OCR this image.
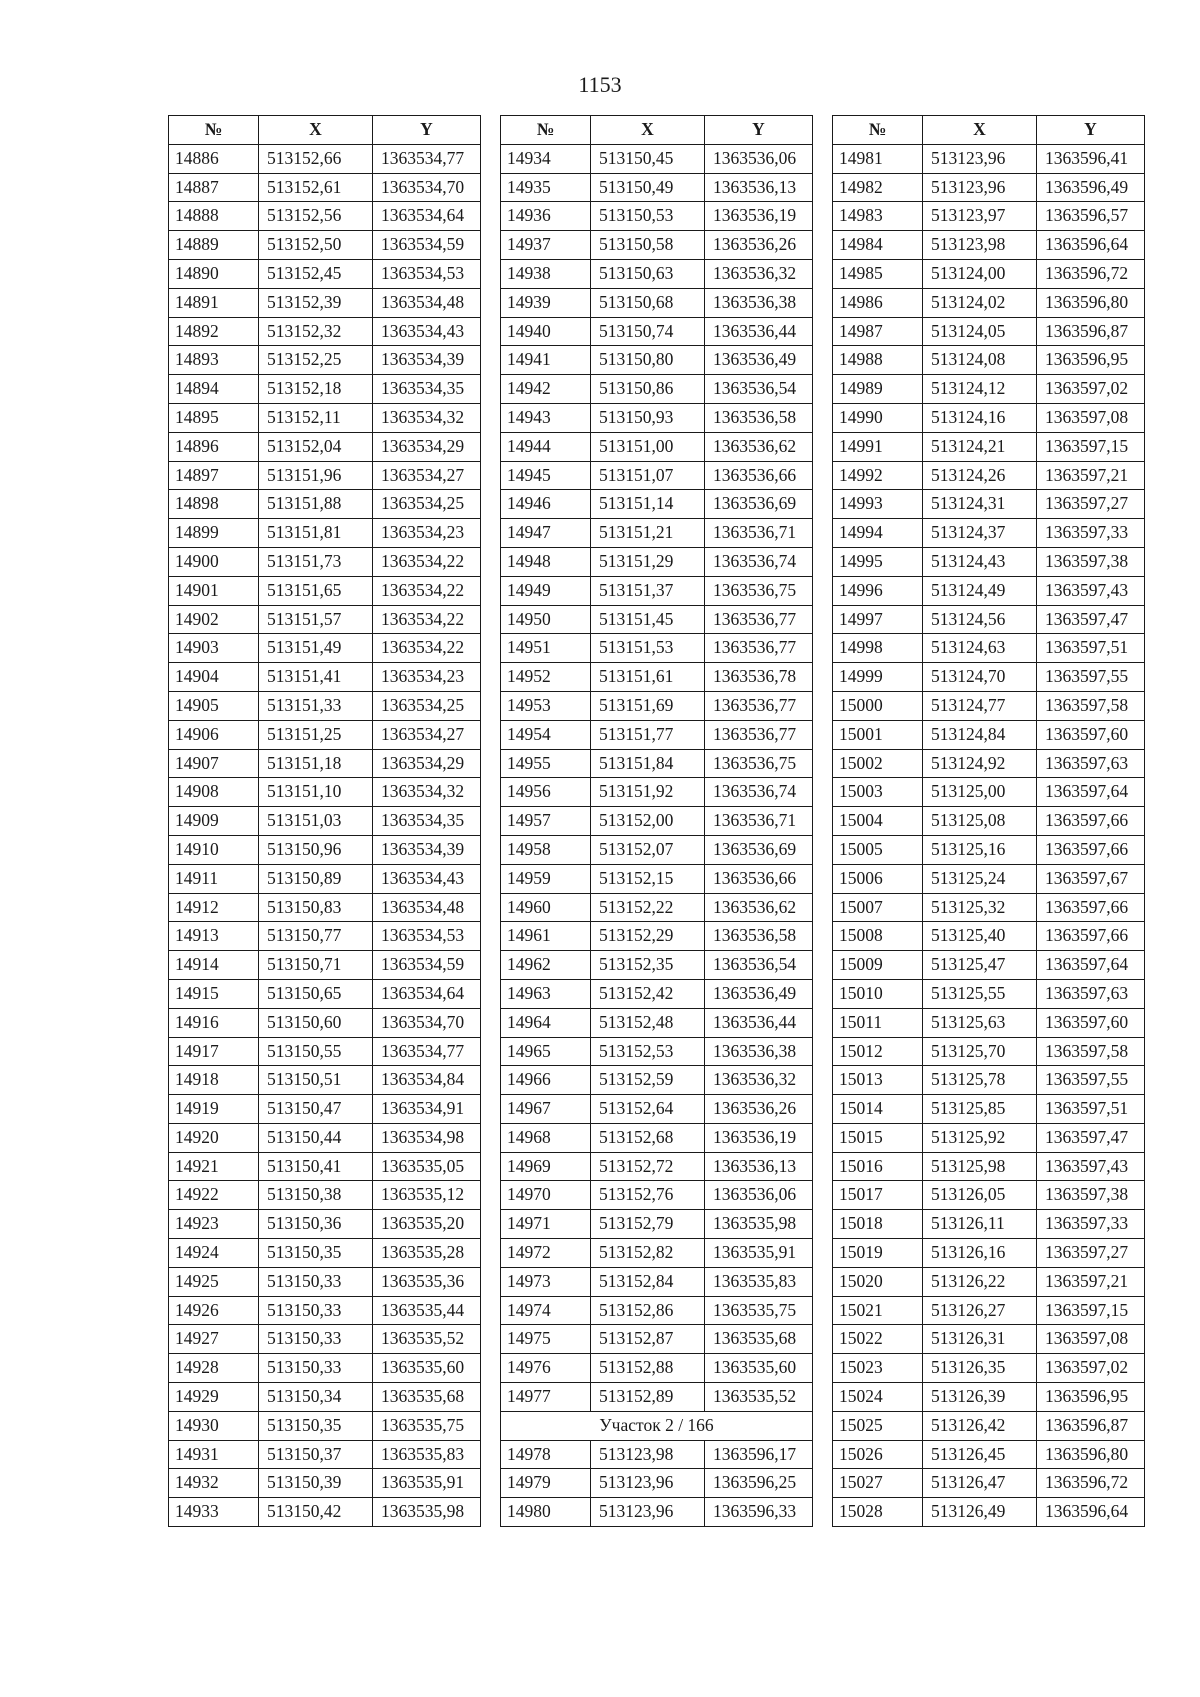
1153
№	X	Y
14886	513152,66	1363534,77
14887	513152,61	1363534,70
14888	513152,56	1363534,64
14889	513152,50	1363534,59
14890	513152,45	1363534,53
14891	513152,39	1363534,48
14892	513152,32	1363534,43
14893	513152,25	1363534,39
14894	513152,18	1363534,35
14895	513152,11	1363534,32
14896	513152,04	1363534,29
14897	513151,96	1363534,27
14898	513151,88	1363534,25
14899	513151,81	1363534,23
14900	513151,73	1363534,22
14901	513151,65	1363534,22
14902	513151,57	1363534,22
14903	513151,49	1363534,22
14904	513151,41	1363534,23
14905	513151,33	1363534,25
14906	513151,25	1363534,27
14907	513151,18	1363534,29
14908	513151,10	1363534,32
14909	513151,03	1363534,35
14910	513150,96	1363534,39
14911	513150,89	1363534,43
14912	513150,83	1363534,48
14913	513150,77	1363534,53
14914	513150,71	1363534,59
14915	513150,65	1363534,64
14916	513150,60	1363534,70
14917	513150,55	1363534,77
14918	513150,51	1363534,84
14919	513150,47	1363534,91
14920	513150,44	1363534,98
14921	513150,41	1363535,05
14922	513150,38	1363535,12
14923	513150,36	1363535,20
14924	513150,35	1363535,28
14925	513150,33	1363535,36
14926	513150,33	1363535,44
14927	513150,33	1363535,52
14928	513150,33	1363535,60
14929	513150,34	1363535,68
14930	513150,35	1363535,75
14931	513150,37	1363535,83
14932	513150,39	1363535,91
14933	513150,42	1363535,98
№	X	Y
14934	513150,45	1363536,06
14935	513150,49	1363536,13
14936	513150,53	1363536,19
14937	513150,58	1363536,26
14938	513150,63	1363536,32
14939	513150,68	1363536,38
14940	513150,74	1363536,44
14941	513150,80	1363536,49
14942	513150,86	1363536,54
14943	513150,93	1363536,58
14944	513151,00	1363536,62
14945	513151,07	1363536,66
14946	513151,14	1363536,69
14947	513151,21	1363536,71
14948	513151,29	1363536,74
14949	513151,37	1363536,75
14950	513151,45	1363536,77
14951	513151,53	1363536,77
14952	513151,61	1363536,78
14953	513151,69	1363536,77
14954	513151,77	1363536,77
14955	513151,84	1363536,75
14956	513151,92	1363536,74
14957	513152,00	1363536,71
14958	513152,07	1363536,69
14959	513152,15	1363536,66
14960	513152,22	1363536,62
14961	513152,29	1363536,58
14962	513152,35	1363536,54
14963	513152,42	1363536,49
14964	513152,48	1363536,44
14965	513152,53	1363536,38
14966	513152,59	1363536,32
14967	513152,64	1363536,26
14968	513152,68	1363536,19
14969	513152,72	1363536,13
14970	513152,76	1363536,06
14971	513152,79	1363535,98
14972	513152,82	1363535,91
14973	513152,84	1363535,83
14974	513152,86	1363535,75
14975	513152,87	1363535,68
14976	513152,88	1363535,60
14977	513152,89	1363535,52
Участок 2 / 166		
14978	513123,98	1363596,17
14979	513123,96	1363596,25
14980	513123,96	1363596,33
№	X	Y
14981	513123,96	1363596,41
14982	513123,96	1363596,49
14983	513123,97	1363596,57
14984	513123,98	1363596,64
14985	513124,00	1363596,72
14986	513124,02	1363596,80
14987	513124,05	1363596,87
14988	513124,08	1363596,95
14989	513124,12	1363597,02
14990	513124,16	1363597,08
14991	513124,21	1363597,15
14992	513124,26	1363597,21
14993	513124,31	1363597,27
14994	513124,37	1363597,33
14995	513124,43	1363597,38
14996	513124,49	1363597,43
14997	513124,56	1363597,47
14998	513124,63	1363597,51
14999	513124,70	1363597,55
15000	513124,77	1363597,58
15001	513124,84	1363597,60
15002	513124,92	1363597,63
15003	513125,00	1363597,64
15004	513125,08	1363597,66
15005	513125,16	1363597,66
15006	513125,24	1363597,67
15007	513125,32	1363597,66
15008	513125,40	1363597,66
15009	513125,47	1363597,64
15010	513125,55	1363597,63
15011	513125,63	1363597,60
15012	513125,70	1363597,58
15013	513125,78	1363597,55
15014	513125,85	1363597,51
15015	513125,92	1363597,47
15016	513125,98	1363597,43
15017	513126,05	1363597,38
15018	513126,11	1363597,33
15019	513126,16	1363597,27
15020	513126,22	1363597,21
15021	513126,27	1363597,15
15022	513126,31	1363597,08
15023	513126,35	1363597,02
15024	513126,39	1363596,95
15025	513126,42	1363596,87
15026	513126,45	1363596,80
15027	513126,47	1363596,72
15028	513126,49	1363596,64
